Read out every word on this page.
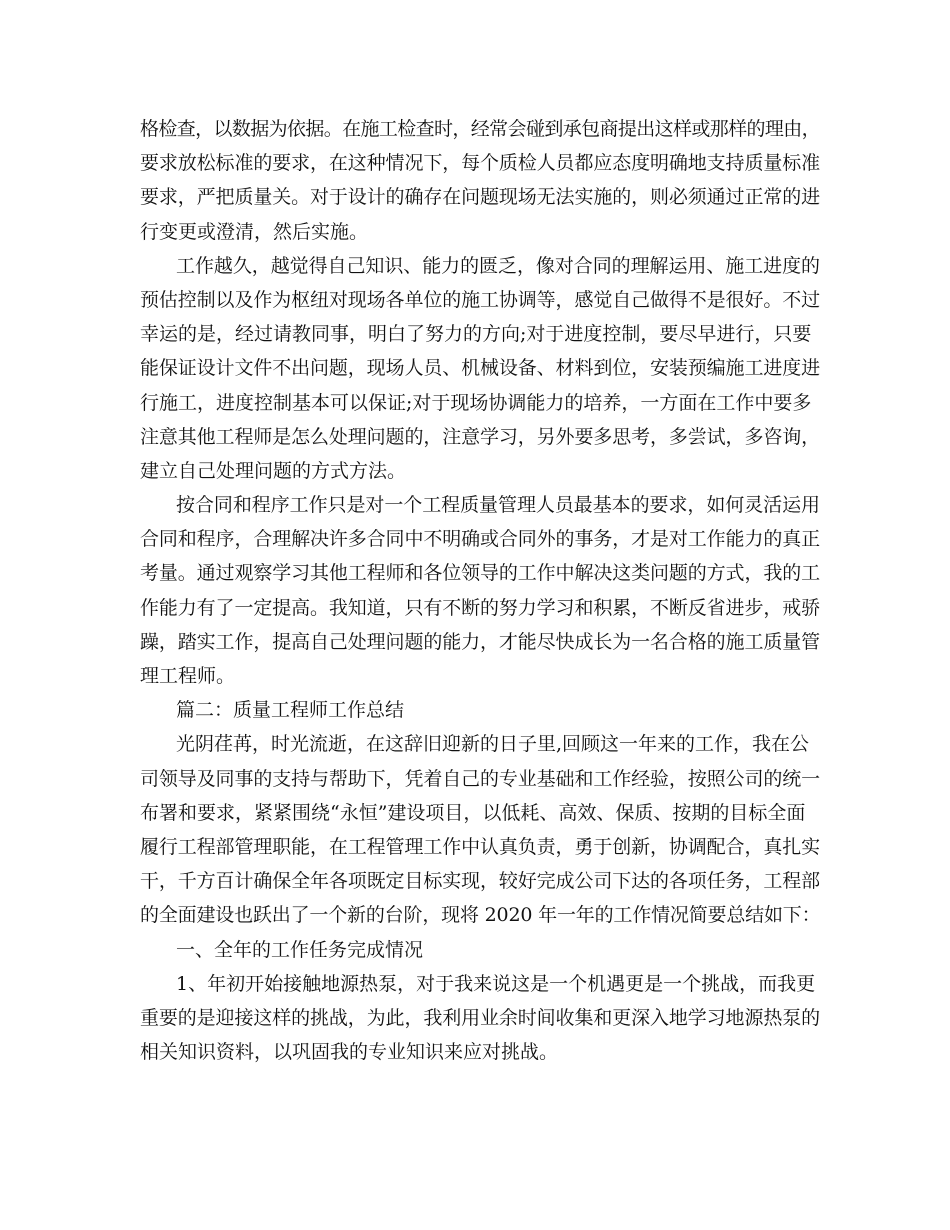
格检查，以数据为依据。在施工检查时，经常会碰到承包商提出这样或那样的理由，
要求放松标准的要求，在这种情况下，每个质检人员都应态度明确地支持质量标准
要求，严把质量关。对于设计的确存在问题现场无法实施的，则必须通过正常的进
行变更或澄清，然后实施。
工作越久，越觉得自己知识、能力的匮乏，像对合同的理解运用、施工进度的
预估控制以及作为枢纽对现场各单位的施工协调等，感觉自己做得不是很好。不过
幸运的是，经过请教同事，明白了努力的方向;对于进度控制，要尽早进行，只要
能保证设计文件不出问题，现场人员、机械设备、材料到位，安装预编施工进度进
行施工，进度控制基本可以保证;对于现场协调能力的培养，一方面在工作中要多
注意其他工程师是怎么处理问题的，注意学习，另外要多思考，多尝试，多咨询，
建立自己处理问题的方式方法。
按合同和程序工作只是对一个工程质量管理人员最基本的要求，如何灵活运用
合同和程序，合理解决许多合同中不明确或合同外的事务，才是对工作能力的真正
考量。通过观察学习其他工程师和各位领导的工作中解决这类问题的方式，我的工
作能力有了一定提高。我知道，只有不断的努力学习和积累，不断反省进步，戒骄
躁，踏实工作，提高自己处理问题的能力，才能尽快成长为一名合格的施工质量管
理工程师。
篇二：质量工程师工作总结
光阴荏苒，时光流逝，在这辞旧迎新的日子里,回顾这一年来的工作，我在公
司领导及同事的支持与帮助下，凭着自己的专业基础和工作经验，按照公司的统一
布署和要求，紧紧围绕“永恒”建设项目，以低耗、高效、保质、按期的目标全面
履行工程部管理职能，在工程管理工作中认真负责，勇于创新，协调配合，真扎实
干，千方百计确保全年各项既定目标实现，较好完成公司下达的各项任务，工程部
的全面建设也跃出了一个新的台阶，现将 2020 年一年的工作情况简要总结如下：
一、全年的工作任务完成情况
1、年初开始接触地源热泵，对于我来说这是一个机遇更是一个挑战，而我更
重要的是迎接这样的挑战，为此，我利用业余时间收集和更深入地学习地源热泵的
相关知识资料，以巩固我的专业知识来应对挑战。
